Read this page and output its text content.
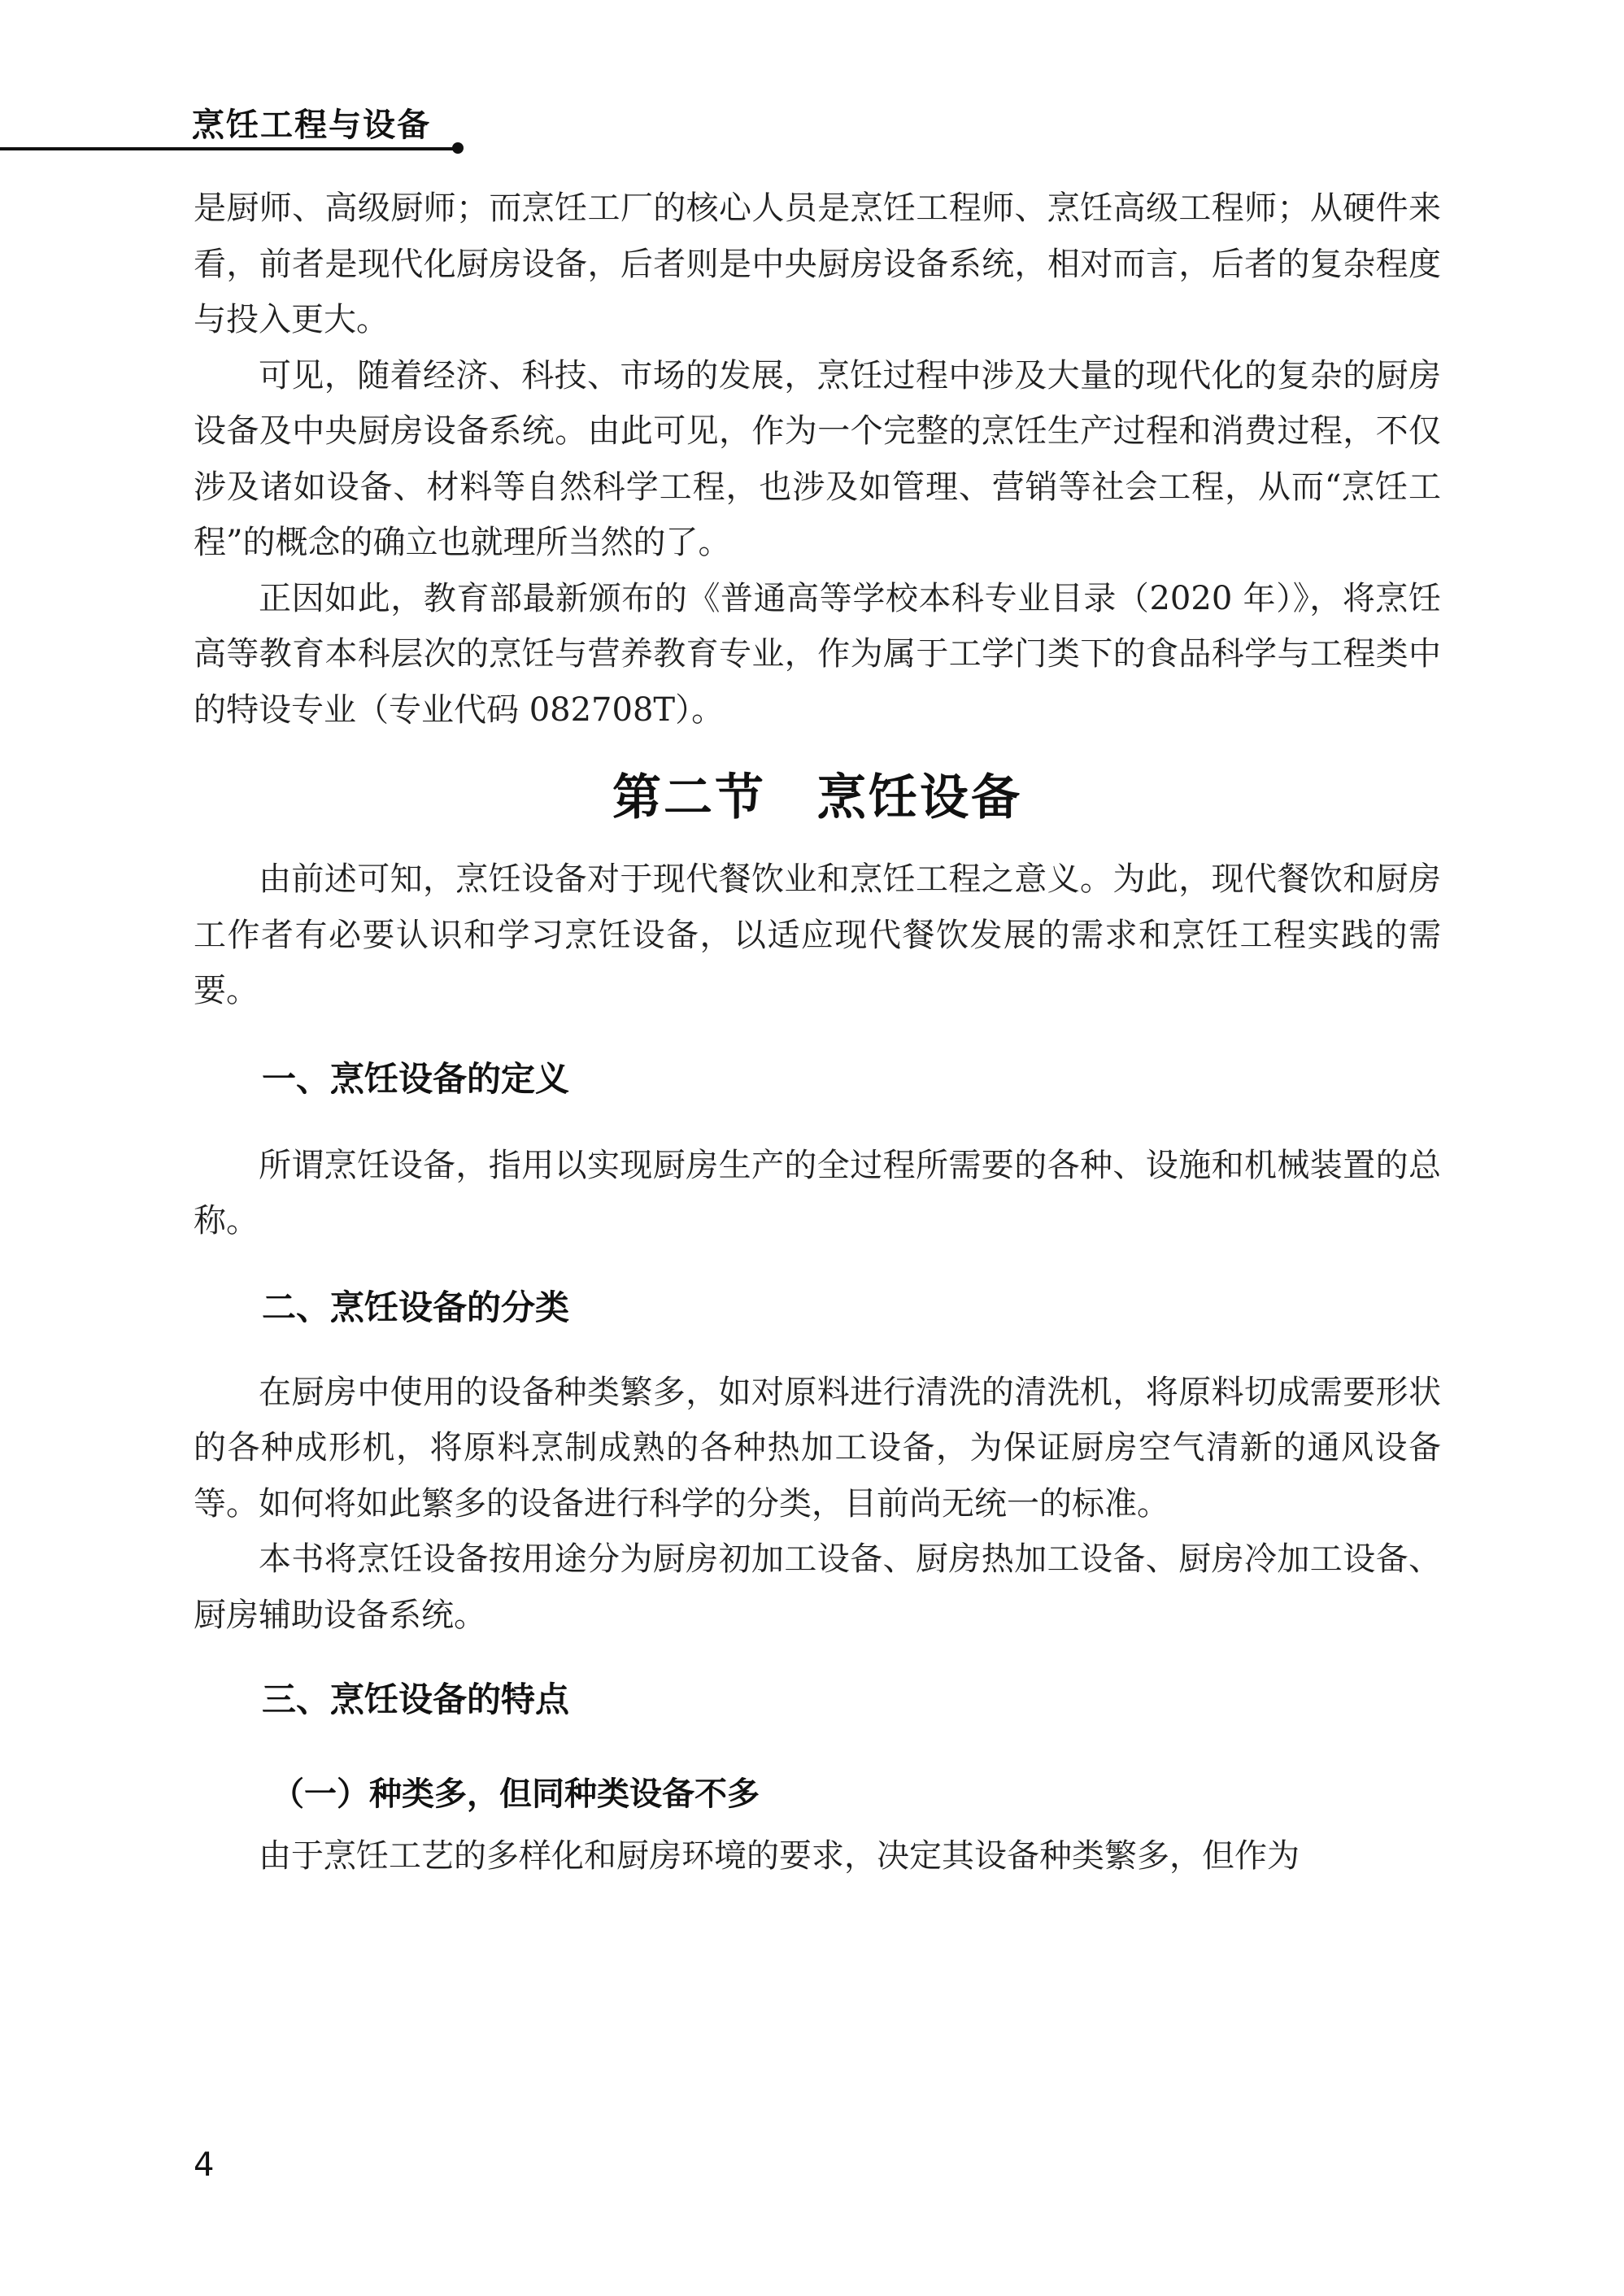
烹饪工程与设备

是厨师、高级厨师；而烹饪工厂的核心人员是烹饪工程师、烹饪高级工程师；从硬件来看，前者是现代化厨房设备，后者则是中央厨房设备系统，相对而言，后者的复杂程度与投入更大。

可见，随着经济、科技、市场的发展，烹饪过程中涉及大量的现代化的复杂的厨房设备及中央厨房设备系统。由此可见，作为一个完整的烹饪生产过程和消费过程，不仅涉及诸如设备、材料等自然科学工程，也涉及如管理、营销等社会工程，从而“烹饪工程”的概念的确立也就理所当然的了。

正因如此，教育部最新颁布的《普通高等学校本科专业目录（2020 年）》，将烹饪高等教育本科层次的烹饪与营养教育专业，作为属于工学门类下的食品科学与工程类中的特设专业（专业代码 082708T）。

第二节　烹饪设备

由前述可知，烹饪设备对于现代餐饮业和烹饪工程之意义。为此，现代餐饮和厨房工作者有必要认识和学习烹饪设备，以适应现代餐饮发展的需求和烹饪工程实践的需要。

一、烹饪设备的定义

所谓烹饪设备，指用以实现厨房生产的全过程所需要的各种、设施和机械装置的总称。

二、烹饪设备的分类

在厨房中使用的设备种类繁多，如对原料进行清洗的清洗机，将原料切成需要形状的各种成形机，将原料烹制成熟的各种热加工设备，为保证厨房空气清新的通风设备等。如何将如此繁多的设备进行科学的分类，目前尚无统一的标准。

本书将烹饪设备按用途分为厨房初加工设备、厨房热加工设备、厨房冷加工设备、厨房辅助设备系统。

三、烹饪设备的特点
（一）种类多，但同种类设备不多

由于烹饪工艺的多样化和厨房环境的要求，决定其设备种类繁多，但作为

4
